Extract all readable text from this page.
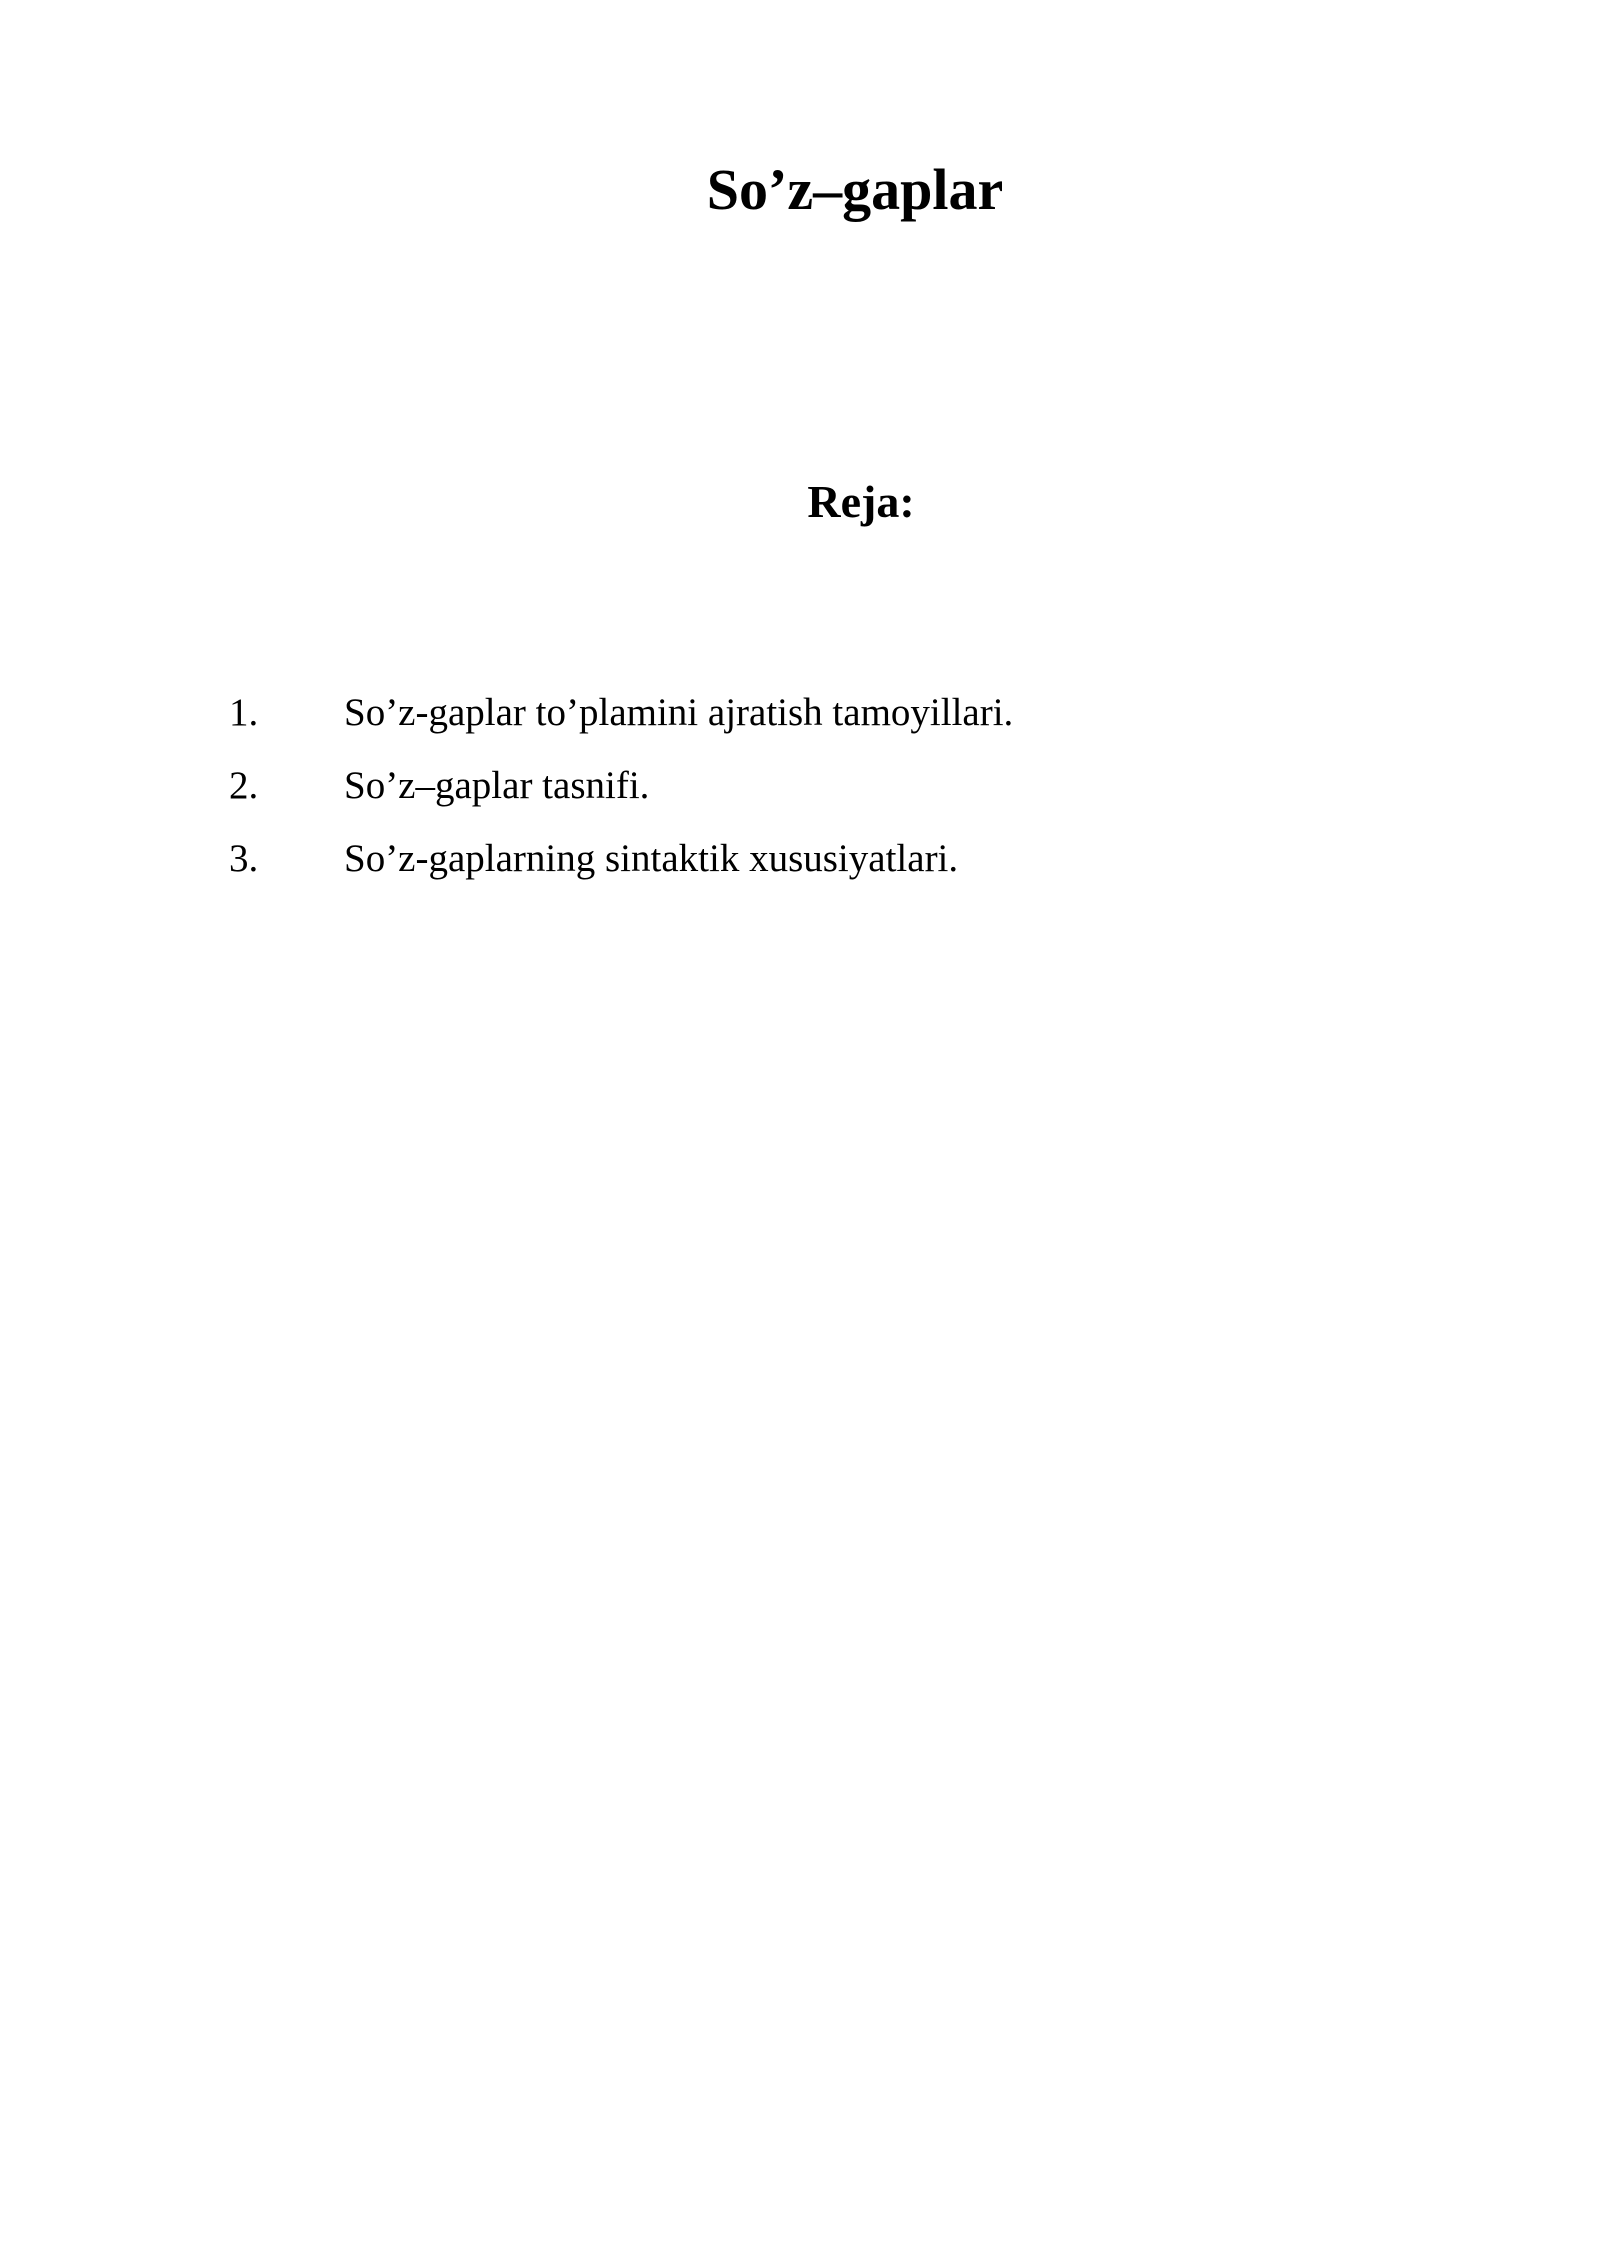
So’z–gaplar
Reja:
1. So’z-gaplar to’plamini ajratish tamoyillari.
2. So’z–gaplar tasnifi.
3. So’z-gaplarning sintaktik xususiyatlari.
